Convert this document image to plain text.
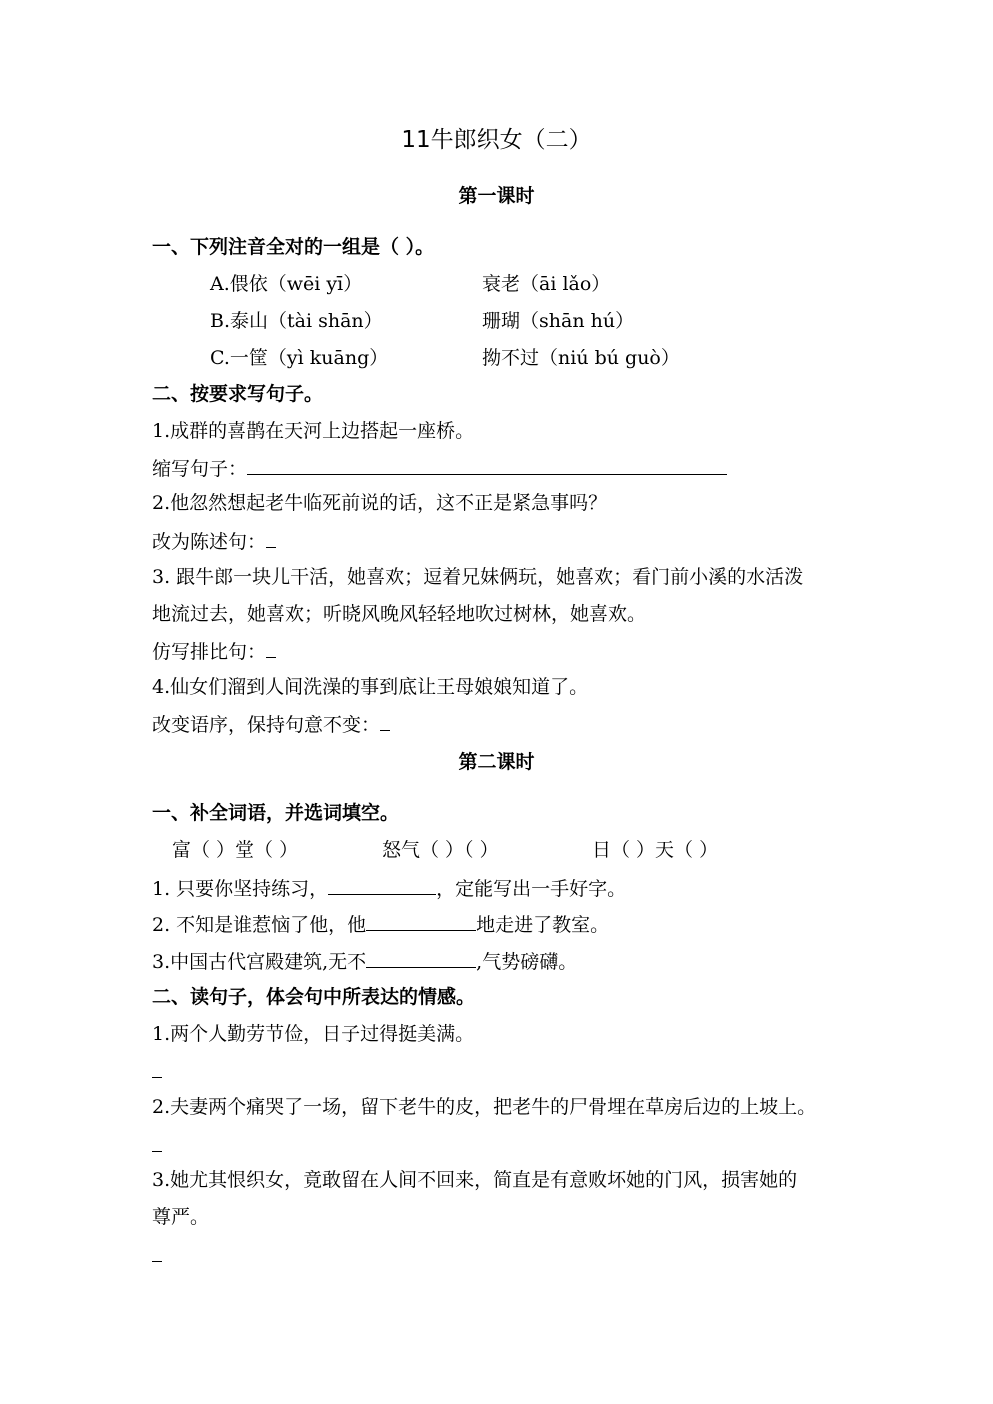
11牛郎织女（二）
第一课时
一、下列注音全对的一组是（ ）。
A.偎依（wēi yī）	衰老（āi lǎo）
B.泰山（tài shān）	珊瑚（shān hú）
C.一筐（yì kuāng）	拗不过（niú bú guò）
二、按要求写句子。
1.成群的喜鹊在天河上边搭起一座桥。
缩写句子：
2.他忽然想起老牛临死前说的话，这不正是紧急事吗？
改为陈述句：
3. 跟牛郎一块儿干活，她喜欢；逗着兄妹俩玩，她喜欢；看门前小溪的水活泼
地流过去，她喜欢；听晓风晚风轻轻地吹过树林，她喜欢。
仿写排比句：
4.仙女们溜到人间洗澡的事到底让王母娘娘知道了。
改变语序，保持句意不变：
第二课时
一、补全词语，并选词填空。
富（ ）堂（ ）	怒气（ ）（ ）	日（ ）天（ ）
1. 只要你坚持练习，	，定能写出一手好字。
2. 不知是谁惹恼了他，他	地走进了教室。
3.中国古代宫殿建筑,无不	,气势磅礴。
二、读句子，体会句中所表达的情感。
1.两个人勤劳节俭，日子过得挺美满。
2.夫妻两个痛哭了一场，留下老牛的皮，把老牛的尸骨埋在草房后边的上坡上。
3.她尤其恨织女，竟敢留在人间不回来，简直是有意败坏她的门风，损害她的
尊严。
